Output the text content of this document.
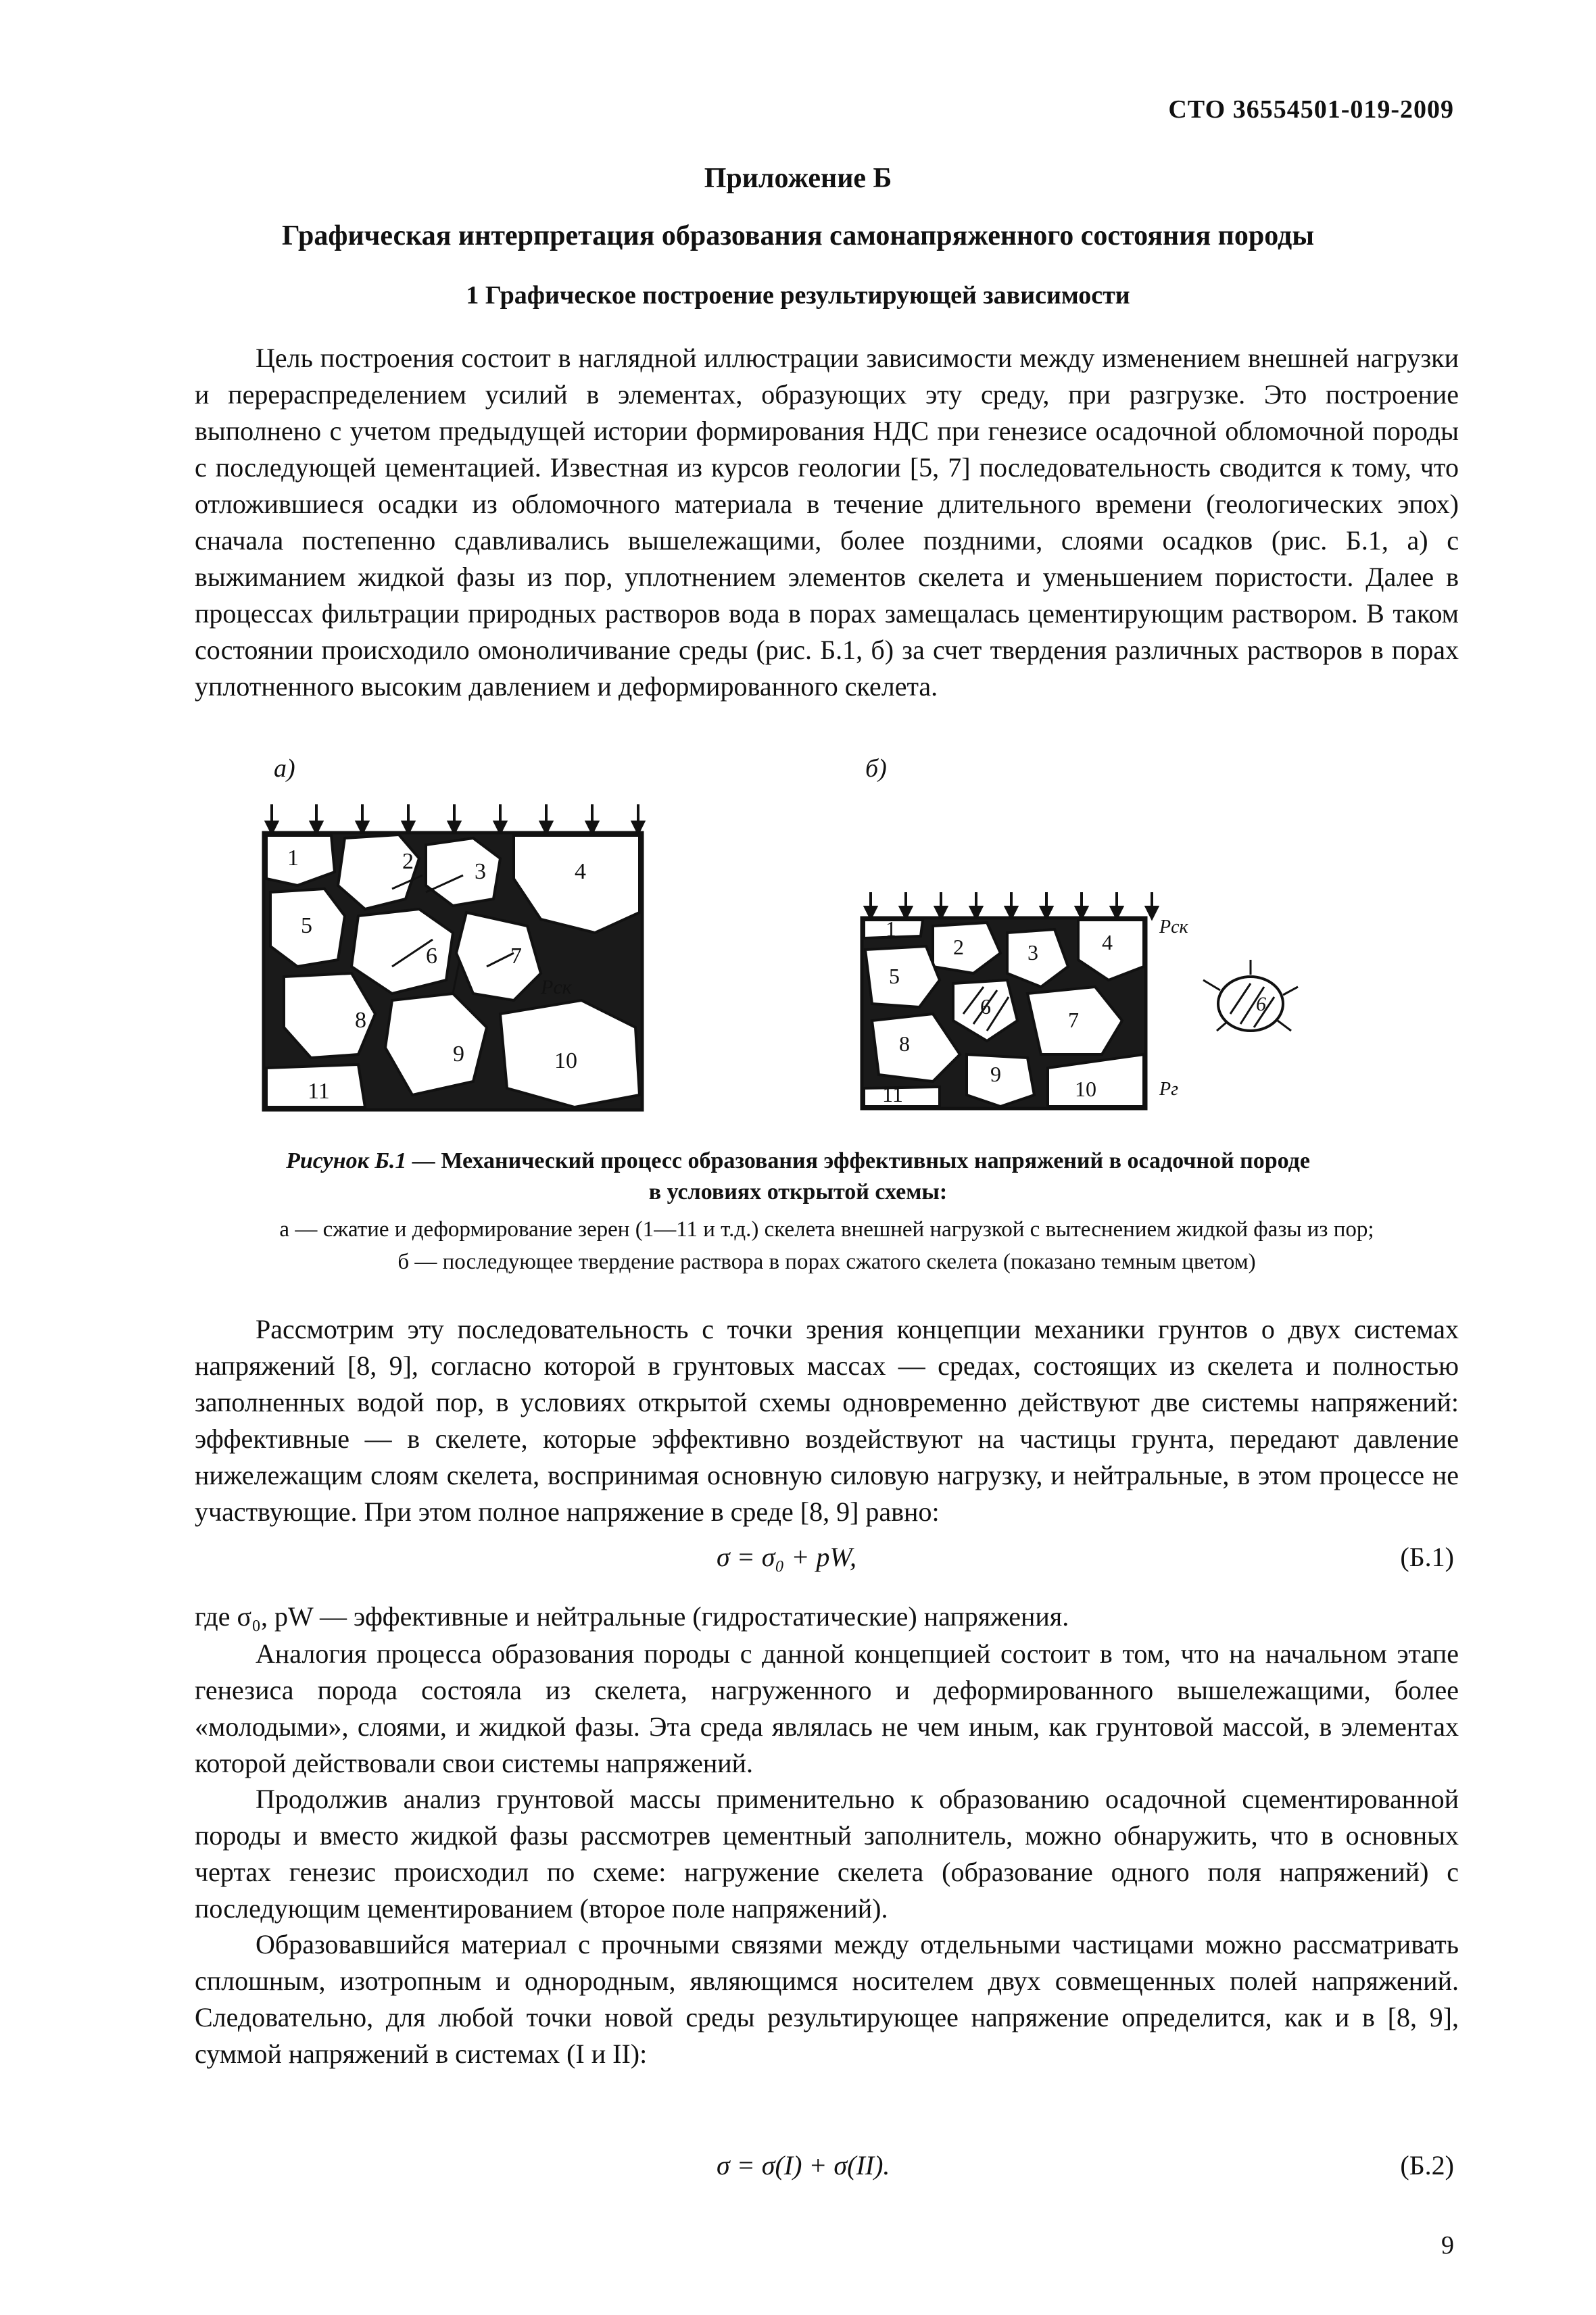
СТО 36554501-019-2009
Приложение Б
Графическая интерпретация образования самонапряженного состояния породы
1 Графическое построение результирующей зависимости

Цель построения состоит в наглядной иллюстрации зависимости между изменением внешней нагрузки и перераспределением усилий в элементах, образующих эту среду, при разгрузке. Это построение выполнено с учетом предыдущей истории формирования НДС при генезисе осадочной обломочной породы с последующей цементацией. Известная из курсов геологии [5, 7] последовательность сводится к тому, что отложившиеся осадки из обломочного материала в течение длительного времени (геологических эпох) сначала постепенно сдавливались вышележащими, более поздними, слоями осадков (рис. Б.1, а) с выжиманием жидкой фазы из пор, уплотнением элементов скелета и уменьшением пористости. Далее в процессах фильтрации природных растворов вода в порах замещалась цементирующим раствором. В таком состоянии происходило омоноличивание среды (рис. Б.1, б) за счет твердения различных растворов в порах уплотненного высоким давлением и деформированного скелета.

а)	б)
1	2	3	4
5
6	7
8
9	10
11
Pск
1
2	3	4
5
6
7
8
9
10
11
Pск
Pг
6
Рисунок Б.1 — Механический процесс образования эффективных напряжений в осадочной породе
в условиях открытой схемы:
а — сжатие и деформирование зерен (1—11 и т.д.) скелета внешней нагрузкой с вытеснением жидкой фазы из пор;
б — последующее твердение раствора в порах сжатого скелета (показано темным цветом)

Рассмотрим эту последовательность с точки зрения концепции механики грунтов о двух системах напряжений [8, 9], согласно которой в грунтовых массах — средах, состоящих из скелета и полностью заполненных водой пор, в условиях открытой схемы одновременно действуют две системы напряжений: эффективные — в скелете, которые эффективно воздействуют на частицы грунта, передают давление нижележащим слоям скелета, воспринимая основную силовую нагрузку, и нейтральные, в этом процессе не участвующие. При этом полное напряжение в среде [8, 9] равно:

σ = σ₀ + pW,	(Б.1)
где σ₀, pW — эффективные и нейтральные (гидростатические) напряжения.

Аналогия процесса образования породы с данной концепцией состоит в том, что на начальном этапе генезиса порода состояла из скелета, нагруженного и деформированного вышележащими, более «молодыми», слоями, и жидкой фазы. Эта среда являлась не чем иным, как грунтовой массой, в элементах которой действовали свои системы напряжений.

Продолжив анализ грунтовой массы применительно к образованию осадочной сцементированной породы и вместо жидкой фазы рассмотрев цементный заполнитель, можно обнаружить, что в основных чертах генезис происходил по схеме: нагружение скелета (образование одного поля напряжений) с последующим цементированием (второе поле напряжений).

Образовавшийся материал с прочными связями между отдельными частицами можно рассматривать сплошным, изотропным и однородным, являющимся носителем двух совмещенных полей напряжений. Следовательно, для любой точки новой среды результирующее напряжение определится, как и в [8, 9], суммой напряжений в системах (I и II):

σ = σ(I) + σ(II).	(Б.2)
9
